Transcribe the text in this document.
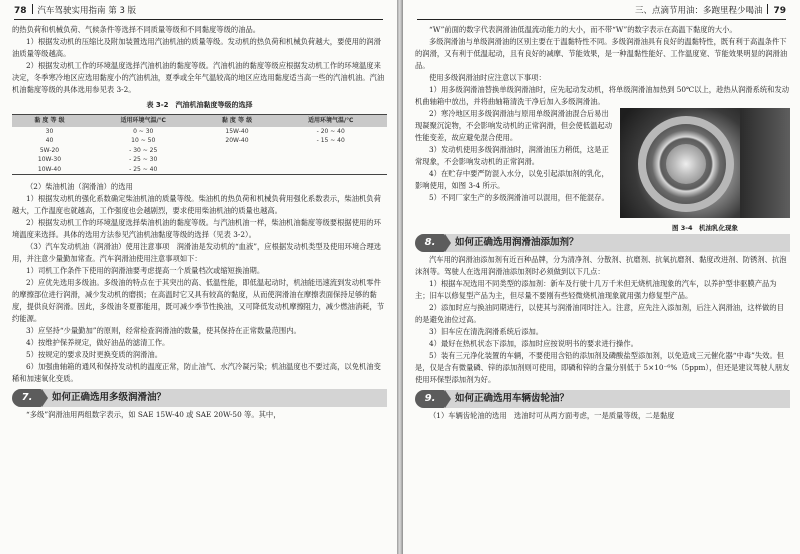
78 汽车驾驶实用指南 第 3 版

的热负荷和机械负荷、气候条件等选择不同质量等级和不同黏度等级的油品。

1）根据发动机的压缩比及附加装置选用汽油机油的质量等级。发动机的热负荷和机械负荷越大，要使用的润滑油质量等级越高。

2）根据发动机工作的环境温度选择汽油机油的黏度等级。汽油机油的黏度等级应根据发动机工作的环境温度来决定，冬季寒冷地区应选用黏度小的汽油机油，夏季或全年气温较高的地区应选用黏度适当高一些的汽油机油。汽油机油黏度等级的具体选用参见表 3-2。

表 3-2　汽油机油黏度等级的选择
黏 度 等 级	适用环境气温/℃	黏 度 等 级	适用环境气温/℃
30	0 ~ 30	15W-40	- 20 ~ 40
40	10 ~ 50	20W-40	- 15 ~ 40
5W-20	- 30 ~ 25		
10W-30	- 25 ~ 30		
10W-40	- 25 ~ 40		

（2）柴油机油（润滑油）的选用

1）根据发动机的强化系数确定柴油机油的质量等级。柴油机的热负荷和机械负荷用强化系数表示，柴油机负荷越大，工作温度也就越高，工作强度也会越剧烈，要求使用柴油机油的质量也越高。

2）根据发动机工作的环境温度选择柴油机油的黏度等级。与汽油机油一样，柴油机油黏度等级要根据使用的环境温度来选择。具体的选用方法参见汽油机油黏度等级的选择（见表 3-2）。

（3）汽车发动机油（润滑油）使用注意事项　润滑油是发动机的“血液”，应根据发动机类型及使用环境合理选用，并注意少量勤加常查。汽车润滑油使用注意事项如下：

1）司机工作条件下使用的润滑油要考虑提高一个质量档次或缩短换油期。

2）应优先选用多级油。多级油的特点在于其突出的高、低温性能，即低温起动时，机油能迅速流到发动机零件的摩擦部位进行润滑，减少发动机的磨损；在高温时它又具有较高的黏度，从而使润滑油在摩擦表面保持足够的黏度，提供良好润滑。因此，多级油冬夏都能用，既可减少季节性换油，又可降低发动机摩擦阻力，减少燃油消耗，节约能源。

3）应坚持“少量勤加”的原则，经常检查润滑油的数量，使其保持在正常数量范围内。

4）按维护保养规定，做好油品的滤清工作。

5）按规定的要求及时更换变质的润滑油。

6）加强曲轴箱的通风和保持发动机的温度正常，防止油气、水汽冷凝污染；机油温度也不要过高，以免机油变稀和加速氧化变质。

7.	如何正确选用多级润滑油？

“多级”润滑油用两组数字表示，如 SAE 15W-40 或 SAE 20W-50 等。其中，

三、点滴节用油：多跑里程少喝油 79

“W”前面的数字代表润滑油低温流动能力的大小，而不带“W”的数字表示在高温下黏度的大小。

多级润滑油与单级润滑油的区别主要在于温黏特性不同。多级润滑油具有良好的温黏特性，既有利于高温条件下的润滑，又有利于低温起动，且有良好的减摩、节能效果，是一种温黏性能好、工作温度宽、节能效果明显的润滑油品。

使用多级润滑油时应注意以下事项：

1）用多级润滑油替换单级润滑油时，应先起动发动机，将单级润滑油加热到 50℃以上，趁热从润滑系统和发动机曲轴箱中放出，并将曲轴箱清洗干净后加入多级润滑油。

图 3-4　机油乳化现象

2）寒冷地区用多级润滑油与原用单级润滑油混合后易出现凝聚沉淀物，不会影响发动机的正常润滑，但会使低温起动性能变差，故应避免混合使用。

3）发动机使用多级润滑油时，润滑油压力稍低，这是正常现象，不会影响发动机的正常润滑。

4）在贮存中要严防混入水分，以免引起添加剂的乳化，影响使用，如图 3-4 所示。

5）不同厂家生产的多级润滑油可以混用，但不能混存。

8.	如何正确选用润滑油添加剂？

汽车用的润滑油添加剂有近百种品牌，分为清净剂、分散剂、抗磨剂、抗氧抗磨剂、黏度改进剂、防锈剂、抗泡沫剂等。驾驶人在选用润滑油添加剂时必须做到以下几点：

1）根据车况选用不同类型的添加剂：新车及行驶十几万千米但无烧机油现象的汽车，以养护型非驱膜产品为主；旧车以修复型产品为主，但尽量不要刚有些轻微烧机油现象就用强力修复型产品。

2）添加时应与换油同期进行，以使其与润滑油同时注入。注意，应先注入添加剂，后注入润滑油，这样做的目的是避免油位过高。

3）旧车应在清洗润滑系统后添加。

4）最好在热机状态下添加，添加时应按说明书的要求进行操作。

5）装有三元净化装置的车辆，不要使用含铅的添加剂及磷酸盐型添加剂，以免造成三元催化器“中毒”失效。但是，仅是含有微量磷、锌的添加剂则可使用，即磷和锌的含量分别低于 5×10⁻⁶%（5ppm），但还是建议驾驶人朋友使用环保型添加剂为好。

9.	如何正确选用车辆齿轮油？

（1）车辆齿轮油的选用　选油时可从两方面考虑，一是质量等级，二是黏度
